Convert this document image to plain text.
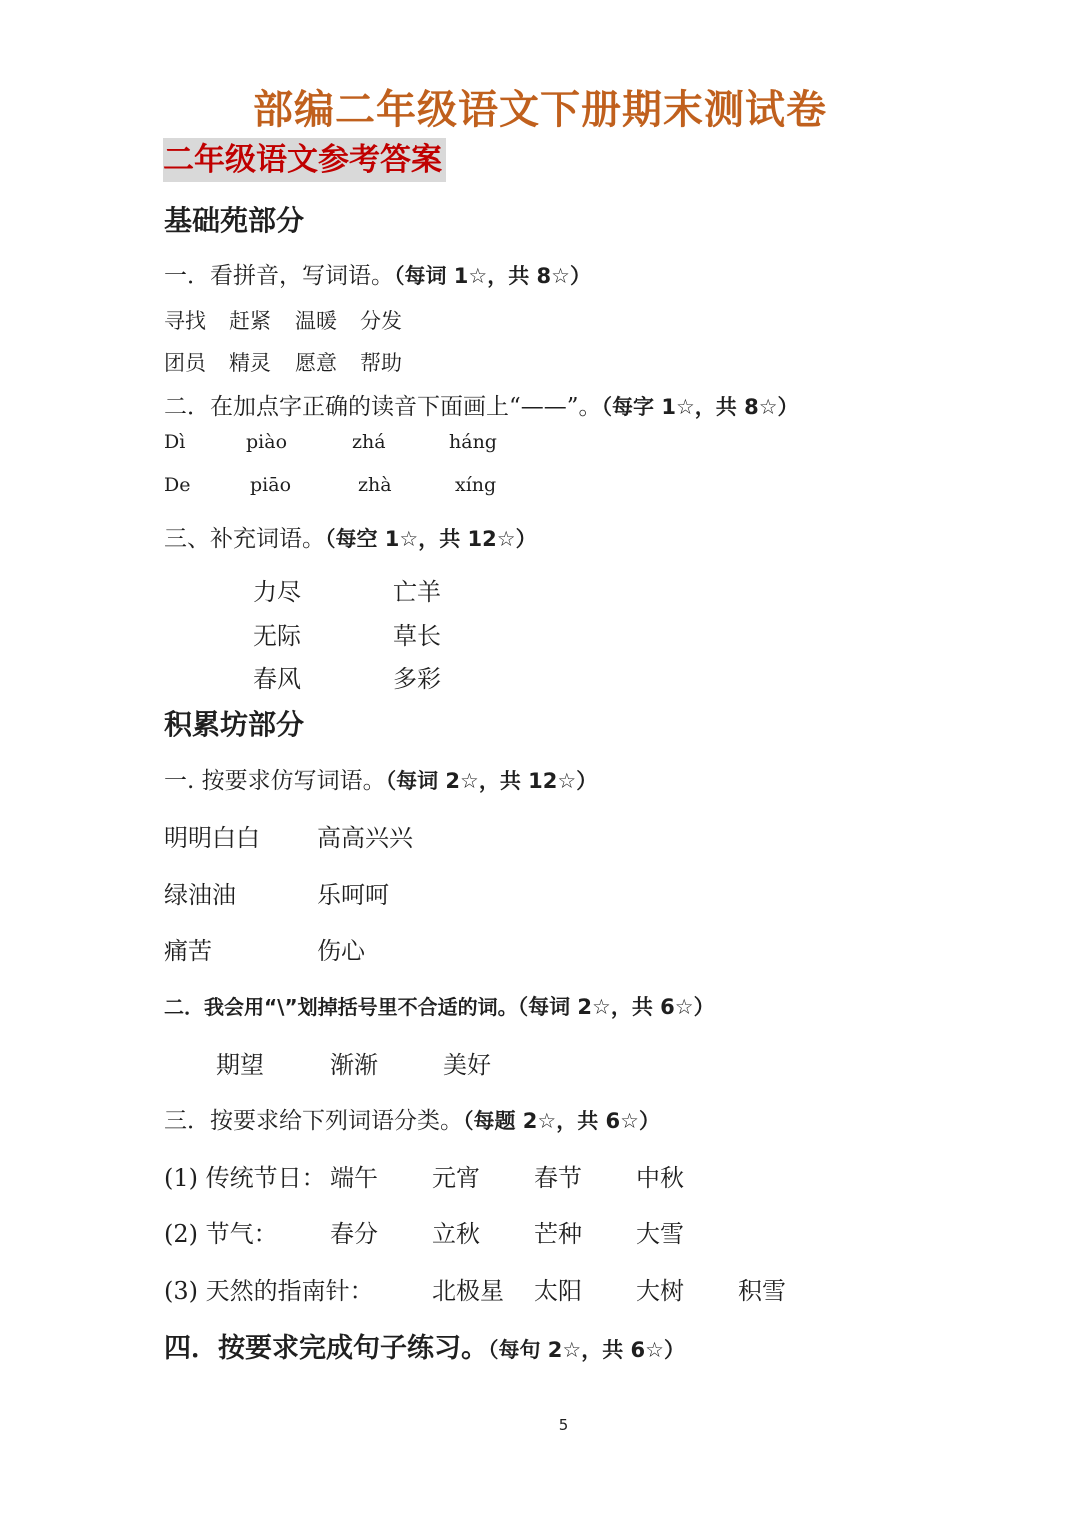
部编二年级语文下册期末测试卷
二年级语文参考答案
基础苑部分
一．看拼音，写词语。（每词 1☆，共 8☆）
寻找 赶紧 温暖 分发
团员 精灵 愿意 帮助
二．在加点字正确的读音下面画上“——”。（每字 1☆，共 8☆）
Dì	piào	zhá	háng
De	piāo	zhà	xíng
三、补充词语。（每空 1☆，共 12☆）
力尽	亡羊
无际	草长
春风	多彩
积累坊部分
一. 按要求仿写词语。（每词 2☆，共 12☆）
明明白白 高高兴兴
绿油油	乐呵呵
痛苦	伤心
二．我会用“\”划掉括号里不合适的词。（每词 2☆，共 6☆）
期望	渐渐	美好
三．按要求给下列词语分类。（每题 2☆，共 6☆）
(1) 传统节日： 端午 元宵 春节 中秋
(2) 节气： 春分 立秋 芒种 大雪
(3) 天然的指南针： 北极星 太阳 大树 积雪
四．按要求完成句子练习。（每句 2☆，共 6☆）
5
